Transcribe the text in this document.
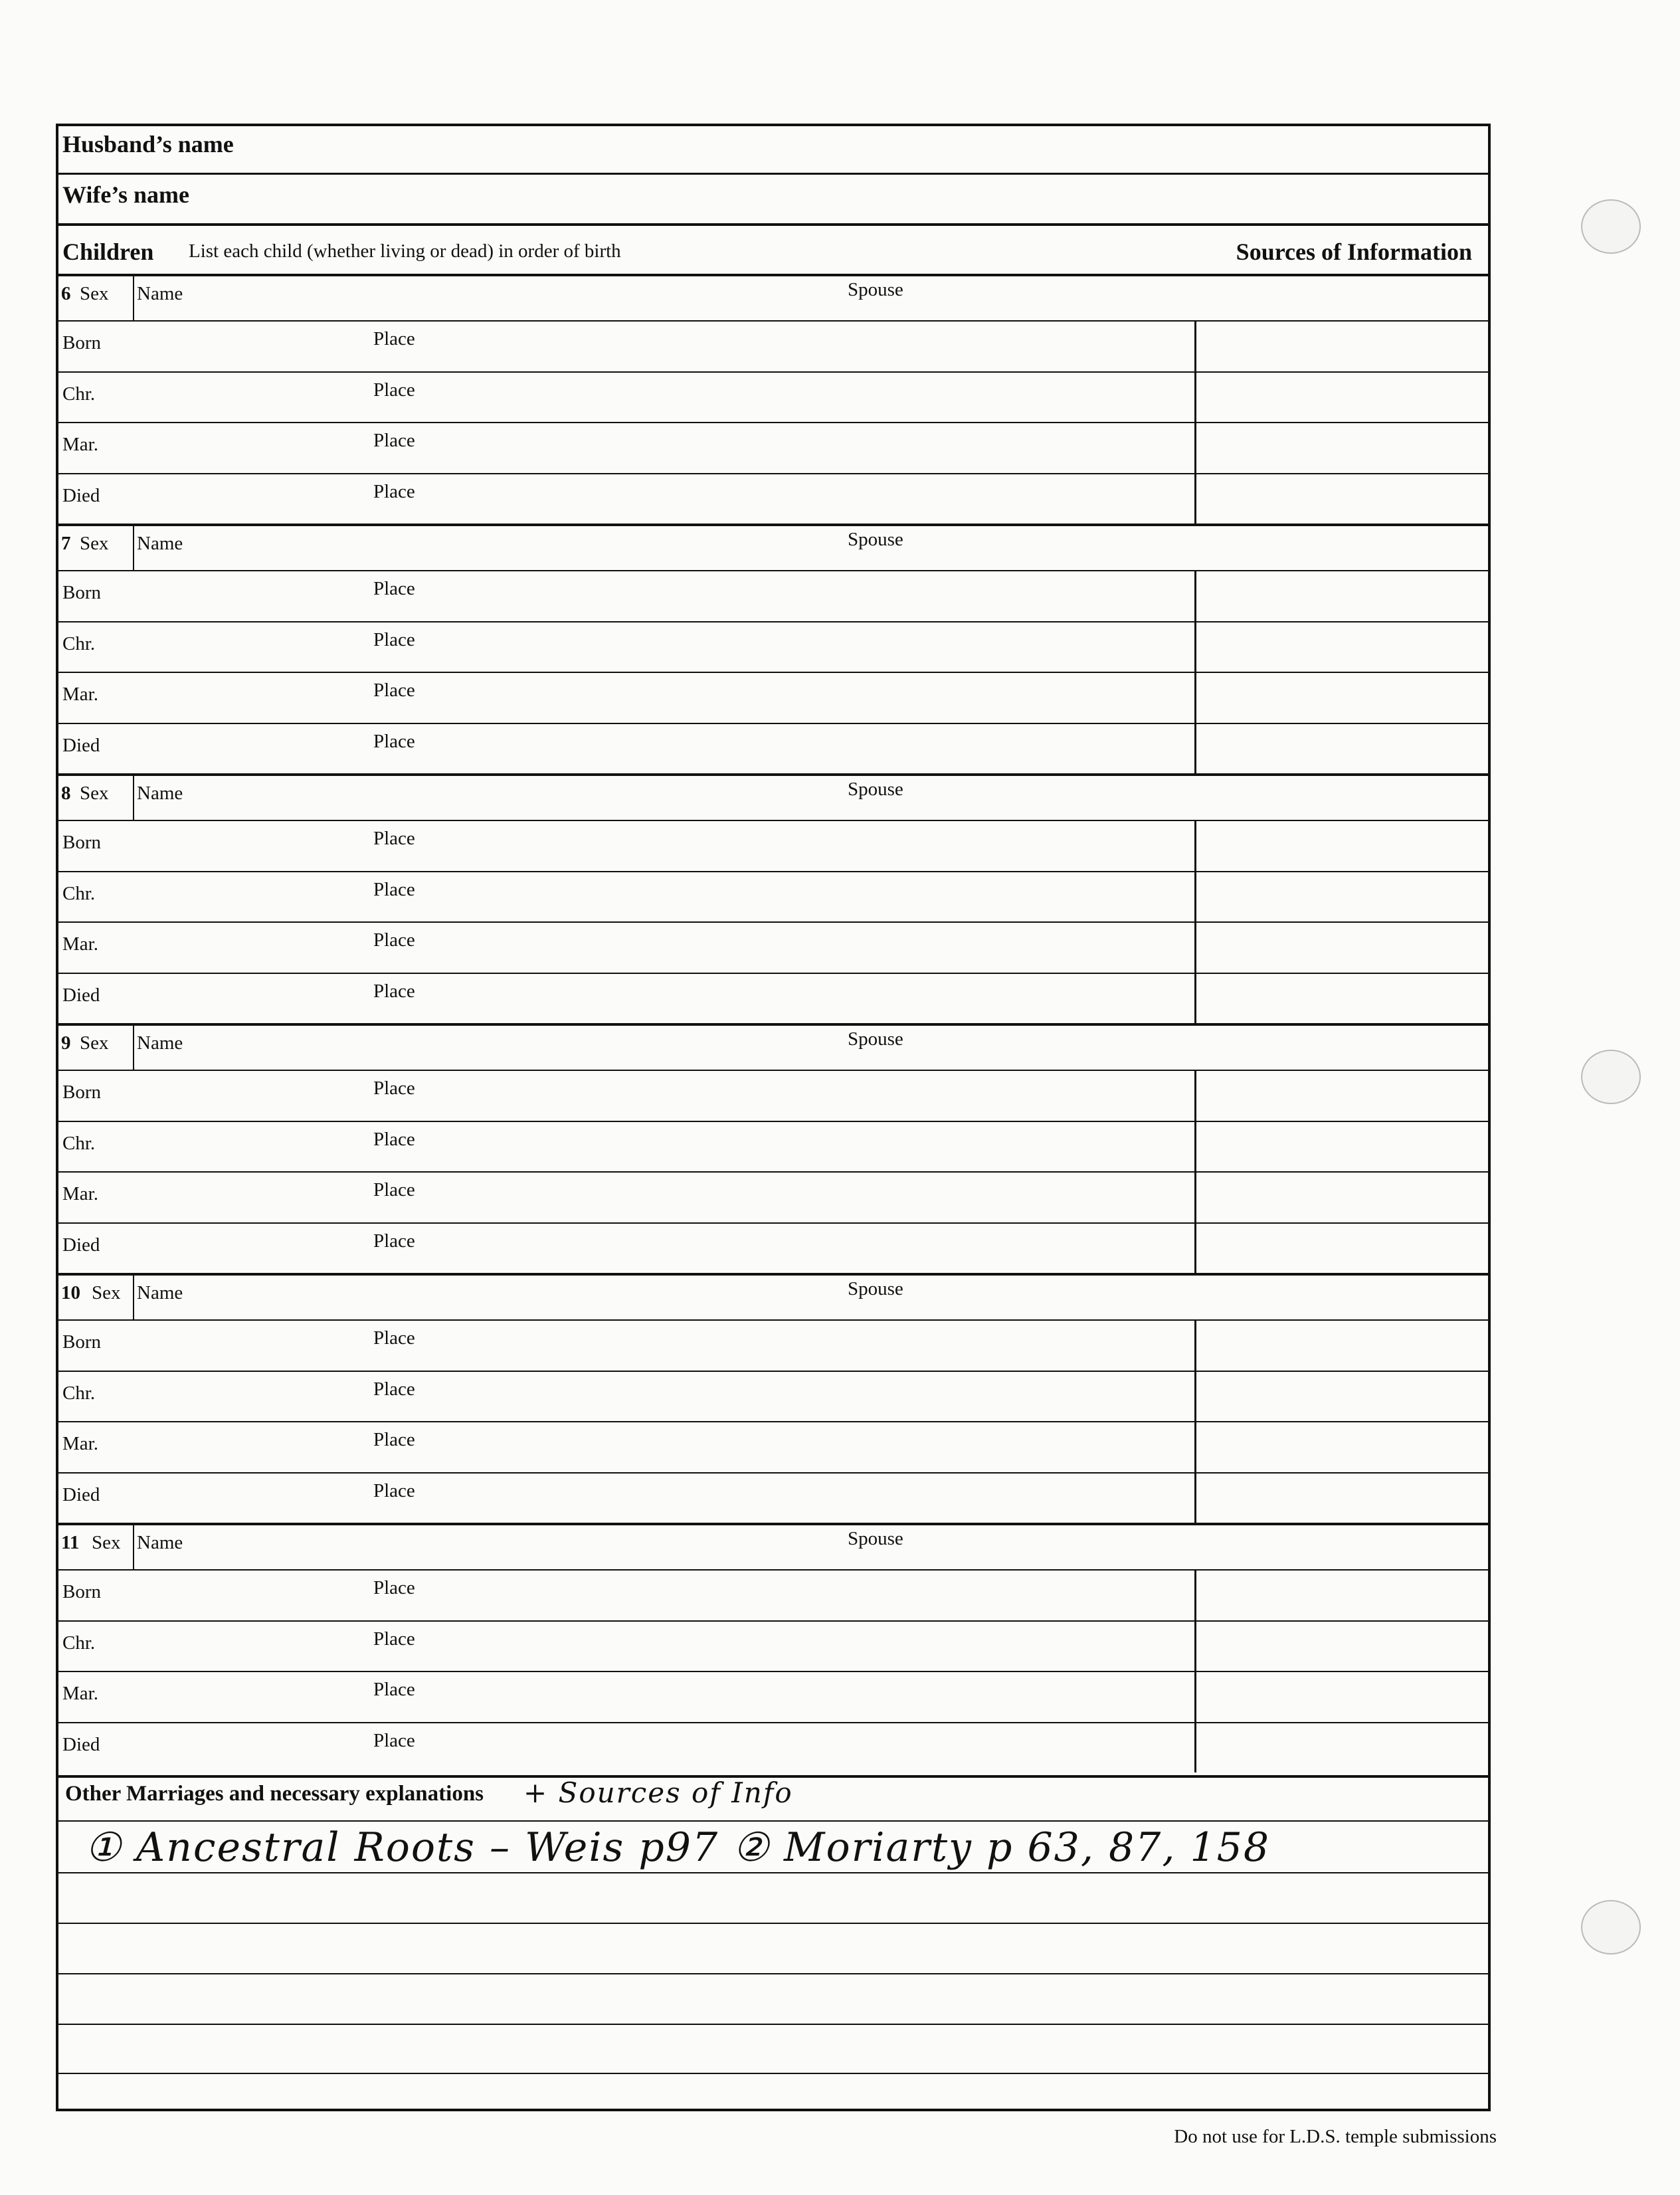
Husband’s name
Wife’s name
Children List each child (whether living or dead) in order of birth	Sources of Information
6 Sex Name	Spouse
Born	Place
Chr.	Place
Mar.	Place
Died	Place
7 Sex Name	Spouse
Born	Place
Chr.	Place
Mar.	Place
Died	Place
8 Sex Name	Spouse
Born	Place
Chr.	Place
Mar.	Place
Died	Place
9 Sex Name	Spouse
Born	Place
Chr.	Place
Mar.	Place
Died	Place
10 Sex Name	Spouse
Born	Place
Chr.	Place
Mar.	Place
Died	Place
11 Sex Name	Spouse
Born	Place
Chr.	Place
Mar.	Place
Died	Place
Other Marriages and necessary explanations + Sources of Info
① Ancestral Roots – Weis p97 ② Moriarty p 63, 87, 158
Do not use for L.D.S. temple submissions
